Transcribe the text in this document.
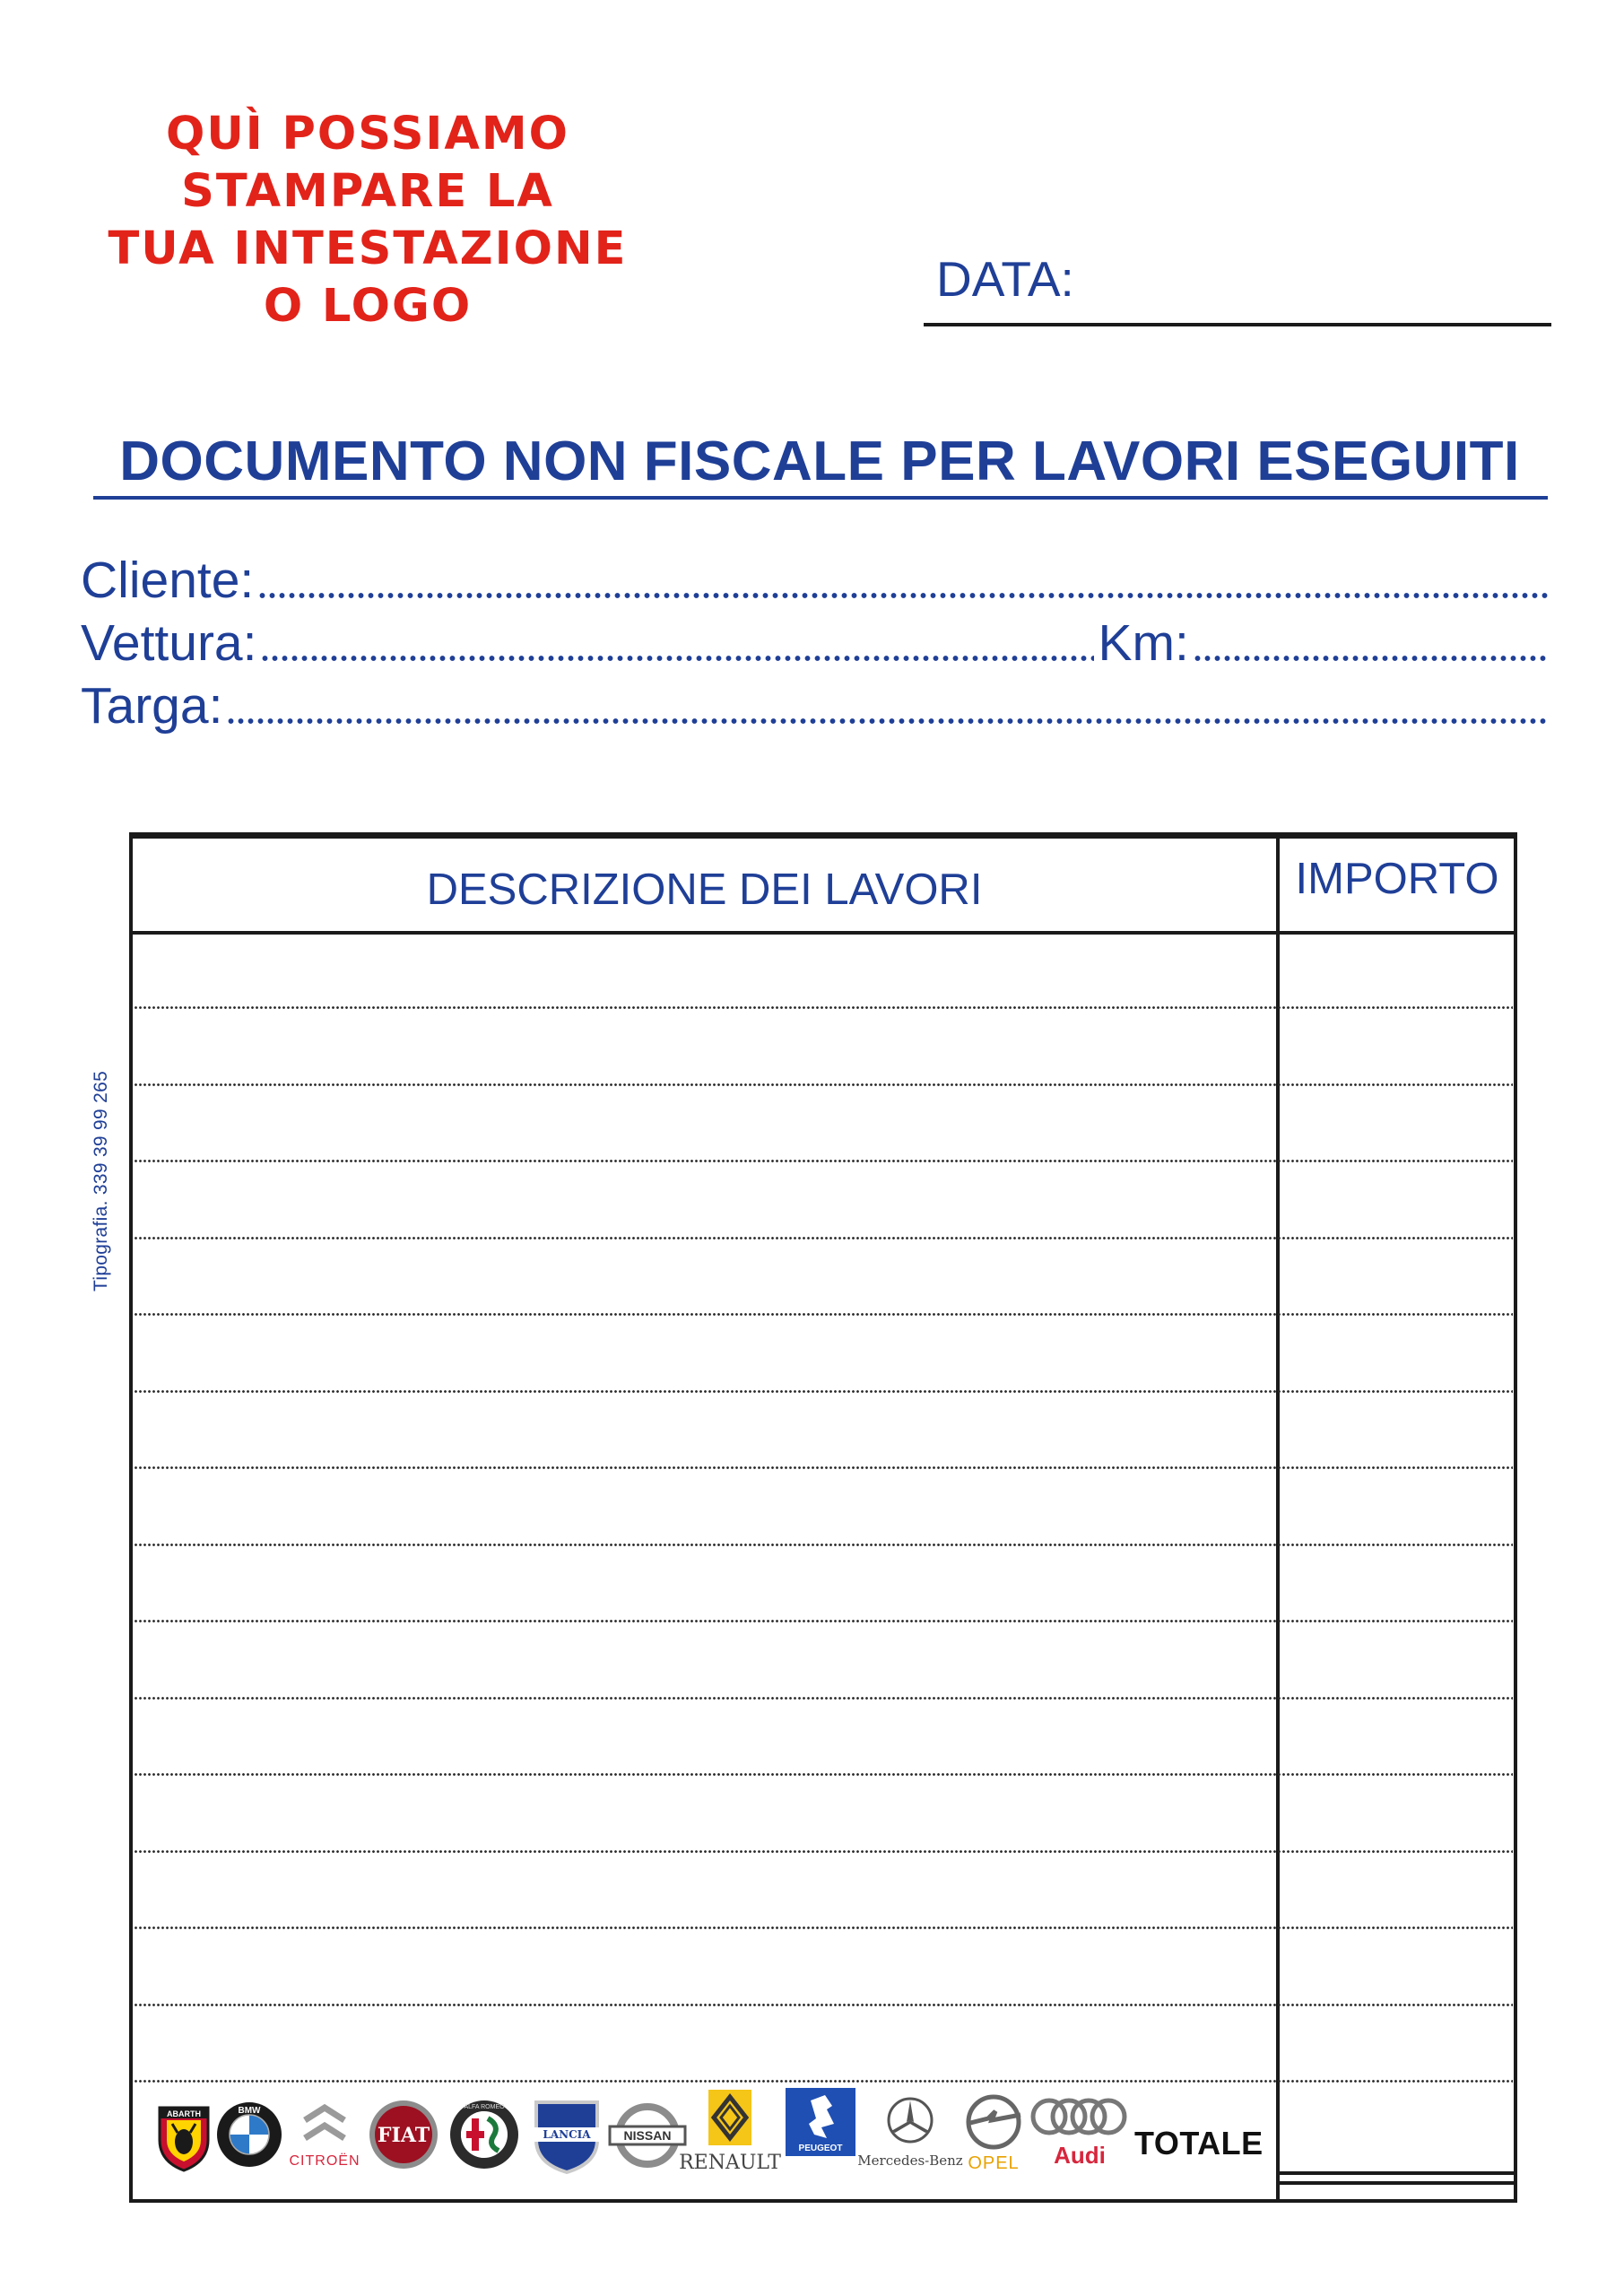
QUÌ POSSIAMO
STAMPARE LA
TUA INTESTAZIONE
O LOGO	DATA:
DOCUMENTO NON FISCALE PER LAVORI ESEGUITI
Cliente:
Vettura:	Km:
Targa:
Tipografia. 339 39 99 265
DESCRIZIONE DEI LAVORI	IMPORTO
TOTALE
ABARTH	BMW
CITROËN
FIAT
ALFA ROMEO
LANCIA	NISSAN
RENAULT
PEUGEOT
Mercedes-Benz OPEL Audi
